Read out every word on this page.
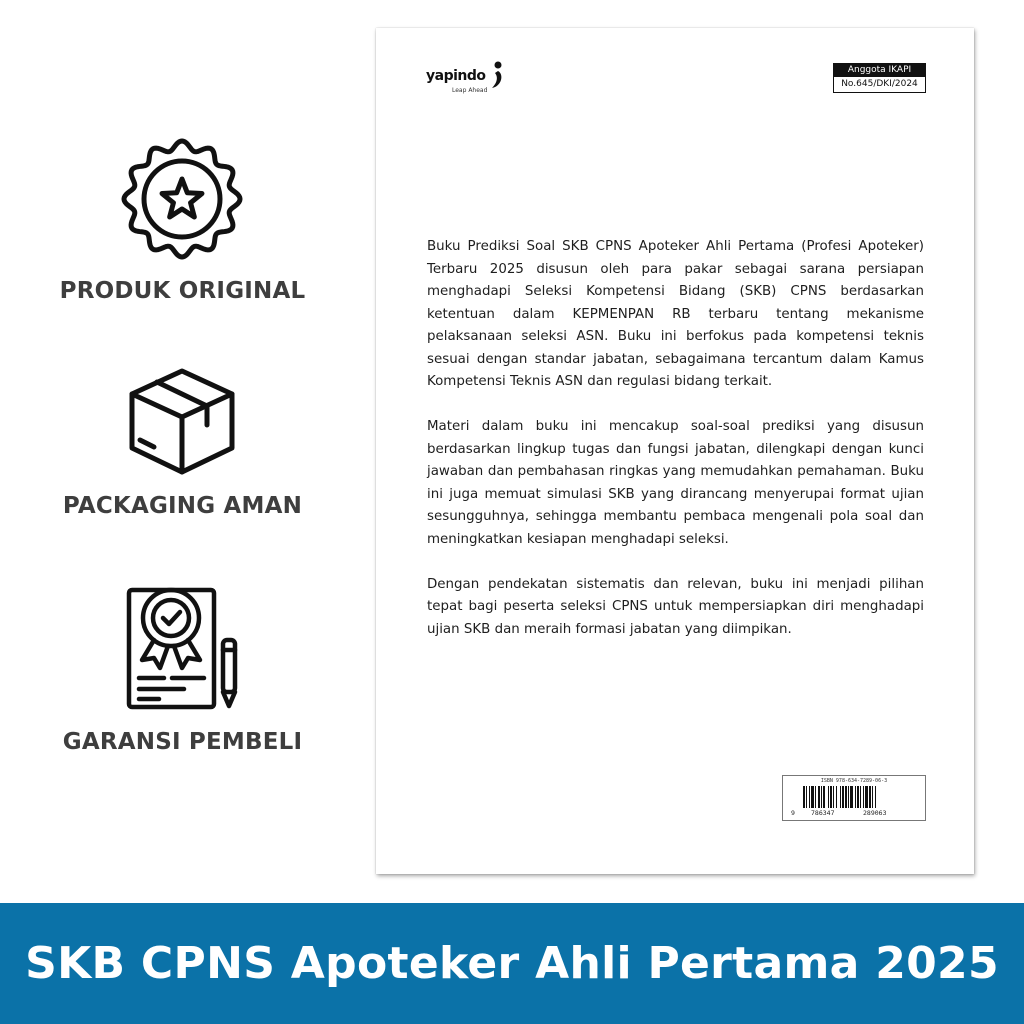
PRODUK ORIGINAL
PACKAGING AMAN
GARANSI PEMBELI
yapindo
Leap Ahead
Anggota IKAPI
No.645/DKI/2024

Buku Prediksi Soal SKB CPNS Apoteker Ahli Pertama (Profesi Apoteker) Terbaru 2025 disusun oleh para pakar sebagai sarana persiapan menghadapi Seleksi Kompetensi Bidang (SKB) CPNS berdasarkan ketentuan dalam KEPMENPAN RB terbaru tentang mekanisme pelaksanaan seleksi ASN. Buku ini berfokus pada kompetensi teknis sesuai dengan standar jabatan, sebagaimana tercantum dalam Kamus Kompetensi Teknis ASN dan regulasi bidang terkait.

Materi dalam buku ini mencakup soal-soal prediksi yang disusun berdasarkan lingkup tugas dan fungsi jabatan, dilengkapi dengan kunci jawaban dan pembahasan ringkas yang memudahkan pemahaman. Buku ini juga memuat simulasi SKB yang dirancang menyerupai format ujian sesungguhnya, sehingga membantu pembaca mengenali pola soal dan meningkatkan kesiapan menghadapi seleksi.

Dengan pendekatan sistematis dan relevan, buku ini menjadi pilihan tepat bagi peserta seleksi CPNS untuk mempersiapkan diri menghadapi ujian SKB dan meraih formasi jabatan yang diimpikan.

ISBN 978-634-7289-06-3
9 786347	289063
SKB CPNS Apoteker Ahli Pertama 2025
